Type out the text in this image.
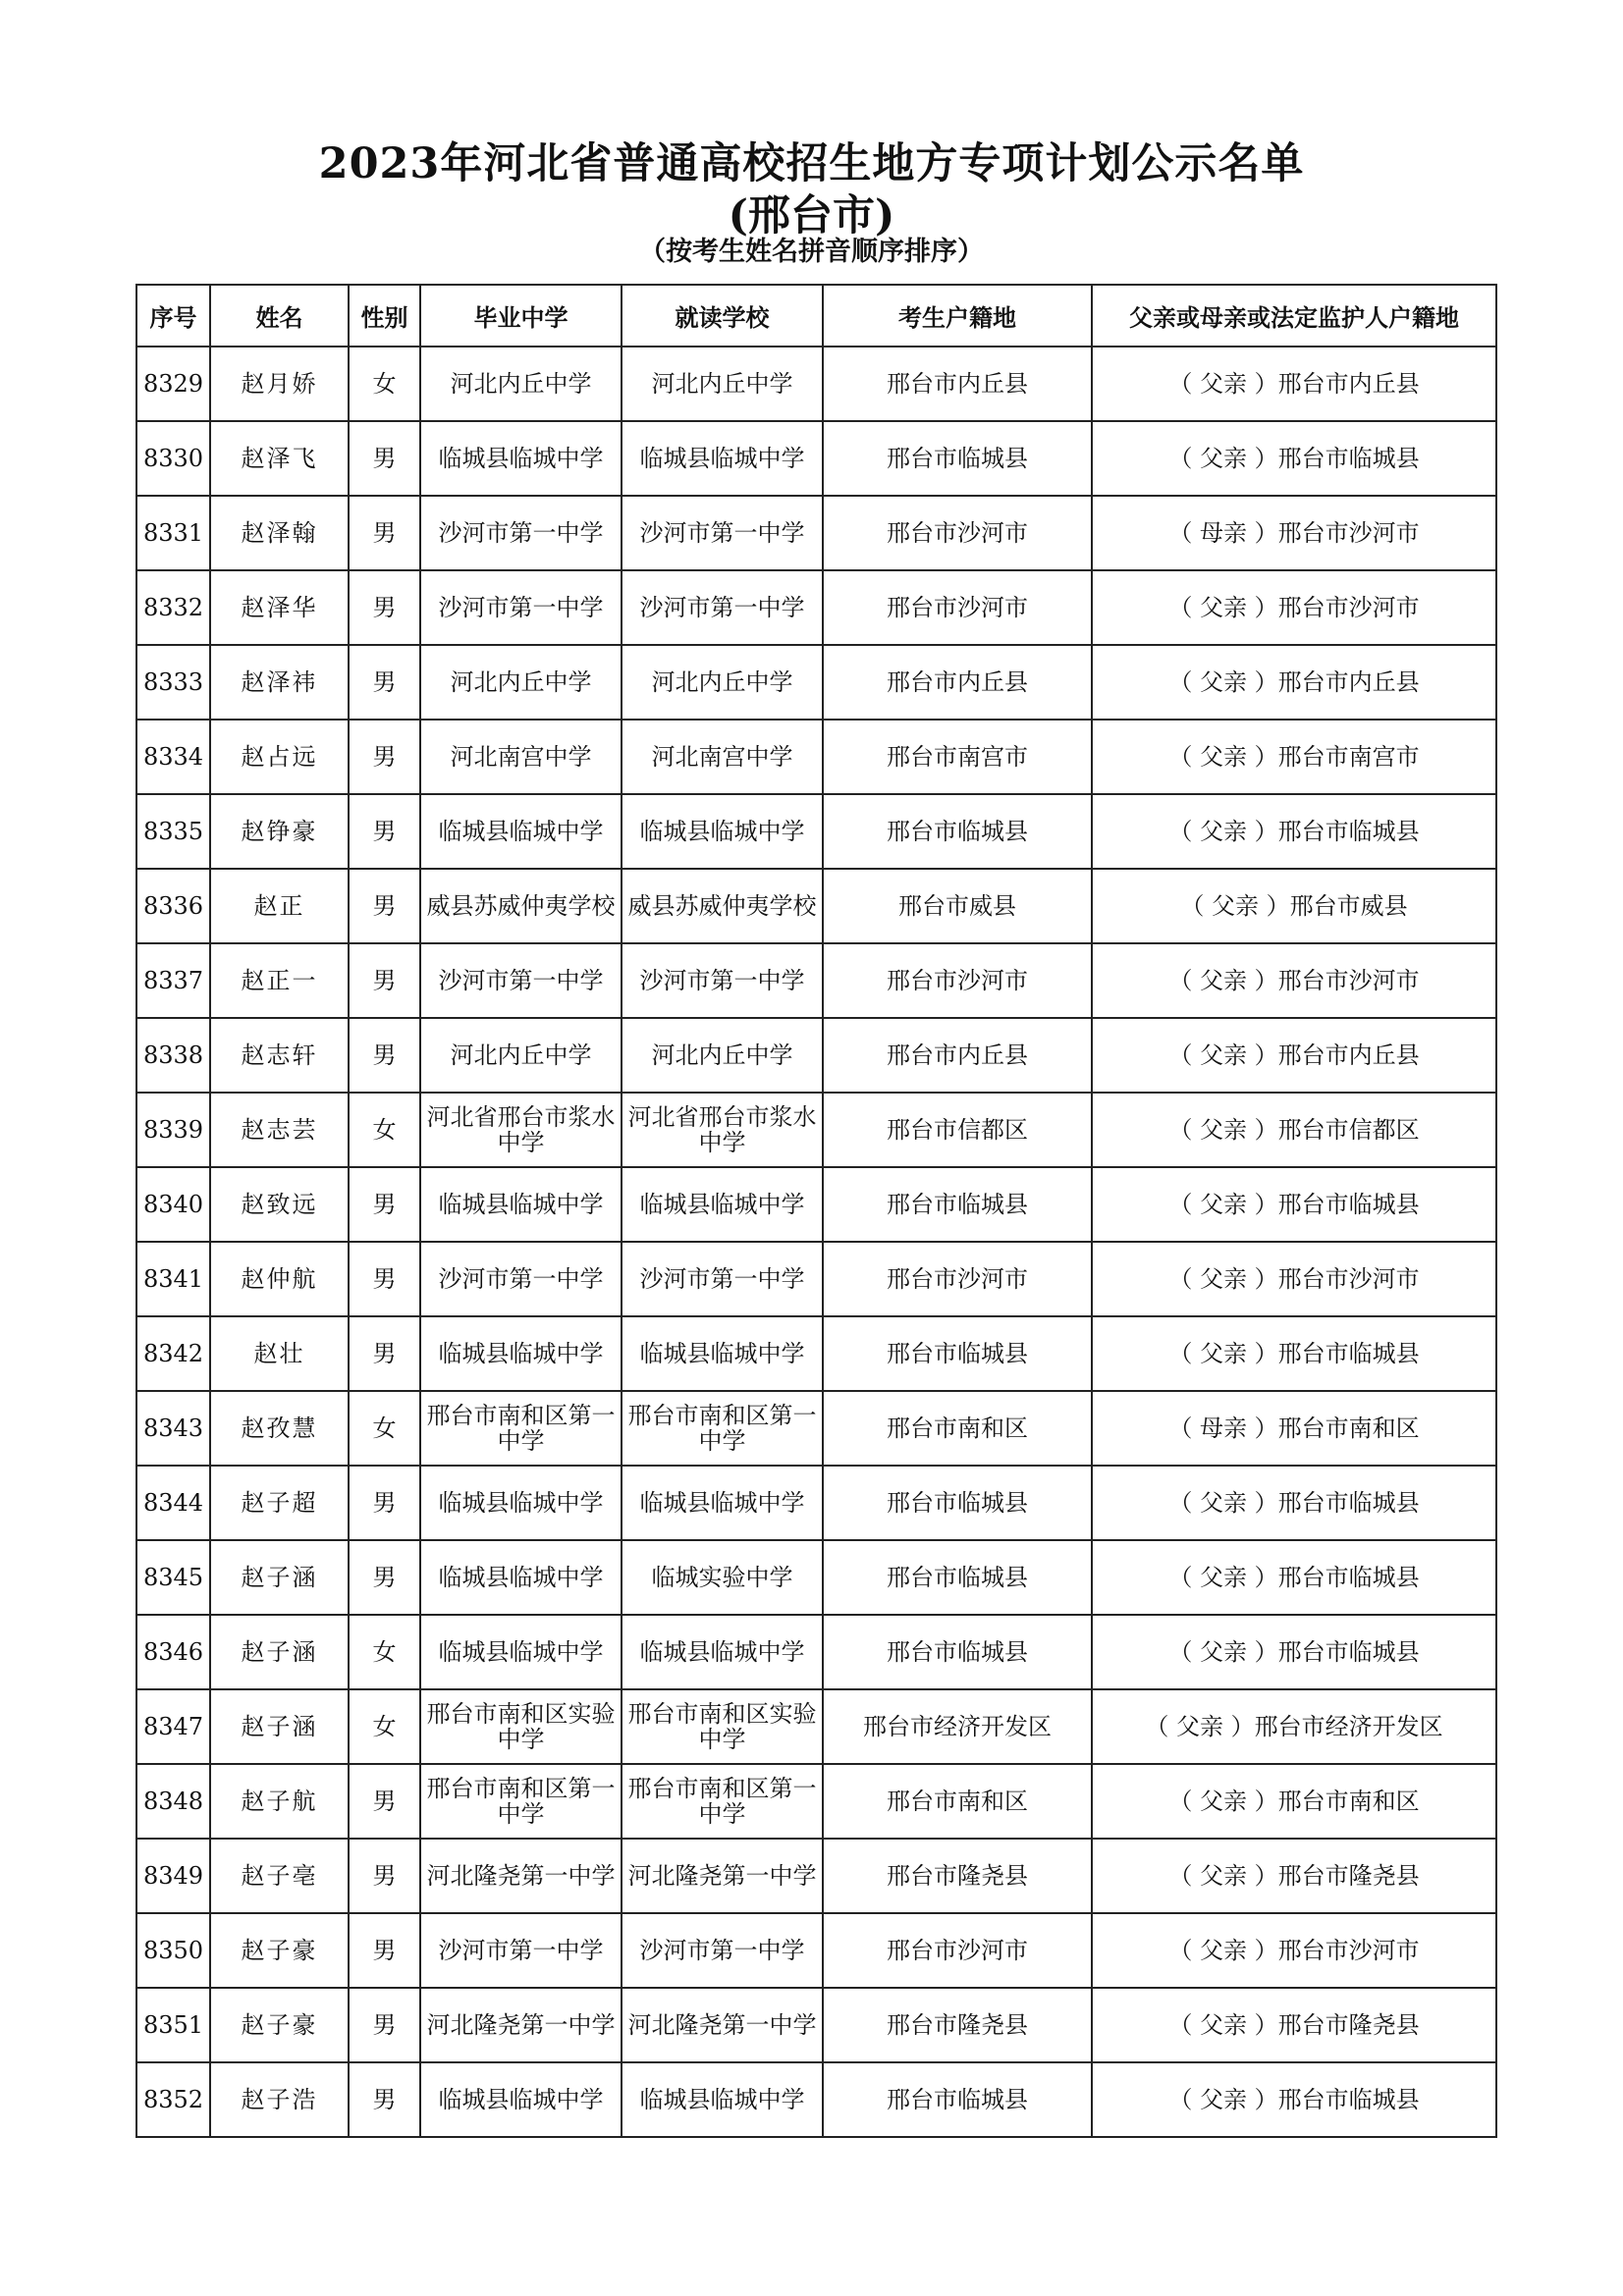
2023年河北省普通高校招生地方专项计划公示名单
(邢台市)
（按考生姓名拼音顺序排序）
序号	姓名	性别	毕业中学	就读学校	考生户籍地	父亲或母亲或法定监护人户籍地
8329	赵月娇	女	河北内丘中学	河北内丘中学	邢台市内丘县	（ 父亲 ）邢台市内丘县
8330	赵泽飞	男	临城县临城中学	临城县临城中学	邢台市临城县	（ 父亲 ）邢台市临城县
8331	赵泽翰	男	沙河市第一中学	沙河市第一中学	邢台市沙河市	（ 母亲 ）邢台市沙河市
8332	赵泽华	男	沙河市第一中学	沙河市第一中学	邢台市沙河市	（ 父亲 ）邢台市沙河市
8333	赵泽祎	男	河北内丘中学	河北内丘中学	邢台市内丘县	（ 父亲 ）邢台市内丘县
8334	赵占远	男	河北南宫中学	河北南宫中学	邢台市南宫市	（ 父亲 ）邢台市南宫市
8335	赵铮豪	男	临城县临城中学	临城县临城中学	邢台市临城县	（ 父亲 ）邢台市临城县
8336	赵正	男	威县苏威仲夷学校	威县苏威仲夷学校	邢台市威县	（ 父亲 ）邢台市威县
8337	赵正一	男	沙河市第一中学	沙河市第一中学	邢台市沙河市	（ 父亲 ）邢台市沙河市
8338	赵志轩	男	河北内丘中学	河北内丘中学	邢台市内丘县	（ 父亲 ）邢台市内丘县
8339	赵志芸	女	河北省邢台市浆水中学	河北省邢台市浆水中学	邢台市信都区	（ 父亲 ）邢台市信都区
8340	赵致远	男	临城县临城中学	临城县临城中学	邢台市临城县	（ 父亲 ）邢台市临城县
8341	赵仲航	男	沙河市第一中学	沙河市第一中学	邢台市沙河市	（ 父亲 ）邢台市沙河市
8342	赵壮	男	临城县临城中学	临城县临城中学	邢台市临城县	（ 父亲 ）邢台市临城县
8343	赵孜慧	女	邢台市南和区第一中学	邢台市南和区第一中学	邢台市南和区	（ 母亲 ）邢台市南和区
8344	赵子超	男	临城县临城中学	临城县临城中学	邢台市临城县	（ 父亲 ）邢台市临城县
8345	赵子涵	男	临城县临城中学	临城实验中学	邢台市临城县	（ 父亲 ）邢台市临城县
8346	赵子涵	女	临城县临城中学	临城县临城中学	邢台市临城县	（ 父亲 ）邢台市临城县
8347	赵子涵	女	邢台市南和区实验中学	邢台市南和区实验中学	邢台市经济开发区	（ 父亲 ）邢台市经济开发区
8348	赵子航	男	邢台市南和区第一中学	邢台市南和区第一中学	邢台市南和区	（ 父亲 ）邢台市南和区
8349	赵子亳	男	河北隆尧第一中学	河北隆尧第一中学	邢台市隆尧县	（ 父亲 ）邢台市隆尧县
8350	赵子豪	男	沙河市第一中学	沙河市第一中学	邢台市沙河市	（ 父亲 ）邢台市沙河市
8351	赵子豪	男	河北隆尧第一中学	河北隆尧第一中学	邢台市隆尧县	（ 父亲 ）邢台市隆尧县
8352	赵子浩	男	临城县临城中学	临城县临城中学	邢台市临城县	（ 父亲 ）邢台市临城县
